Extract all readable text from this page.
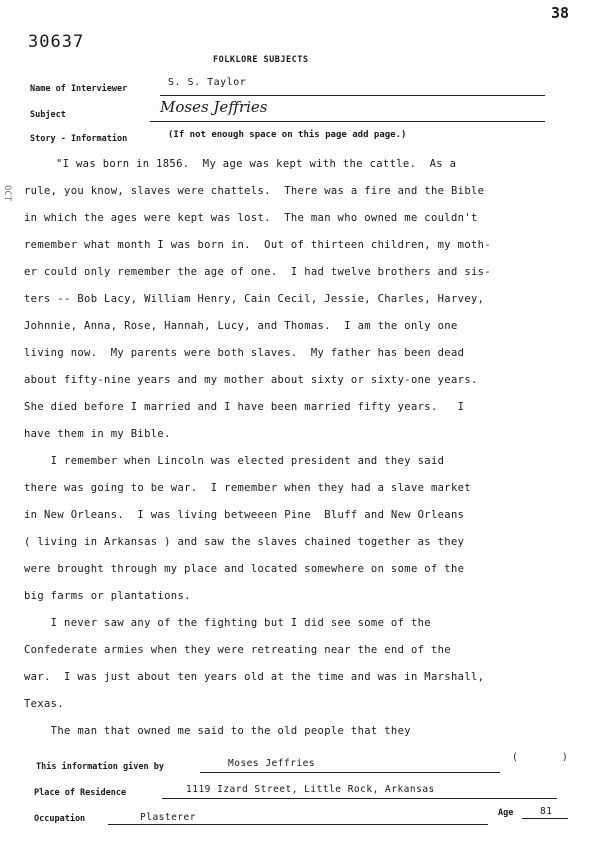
38
30637
FOLKLORE SUBJECTS
OCT
Name of Interviewer
S. S. Taylor
Subject	Moses Jeffries
Story - Information	(If not enough space on this page add page.)
"I was born in 1856.  My age was kept with the cattle.  As a
rule, you know, slaves were chattels.  There was a fire and the Bible
in which the ages were kept was lost.  The man who owned me couldn't
remember what month I was born in.  Out of thirteen children, my moth-
er could only remember the age of one.  I had twelve brothers and sis-
ters -- Bob Lacy, William Henry, Cain Cecil, Jessie, Charles, Harvey,
Johnnie, Anna, Rose, Hannah, Lucy, and Thomas.  I am the only one
living now.  My parents were both slaves.  My father has been dead
about fifty-nine years and my mother about sixty or sixty-one years.
She died before I married and I have been married fifty years.   I
have them in my Bible.
I remember when Lincoln was elected president and they said
there was going to be war.  I remember when they had a slave market
in New Orleans.  I was living betweeen Pine  Bluff and New Orleans
( living in Arkansas ) and saw the slaves chained together as they
were brought through my place and located somewhere on some of the
big farms or plantations.
I never saw any of the fighting but I did see some of the
Confederate armies when they were retreating near the end of the
war.  I was just about ten years old at the time and was in Marshall,
Texas.
The man that owned me said to the old people that they
This information given by	Moses Jeffries
(	)
Place of Residence	1119 Izard Street, Little Rock, Arkansas
Occupation	Plasterer	Age	81
